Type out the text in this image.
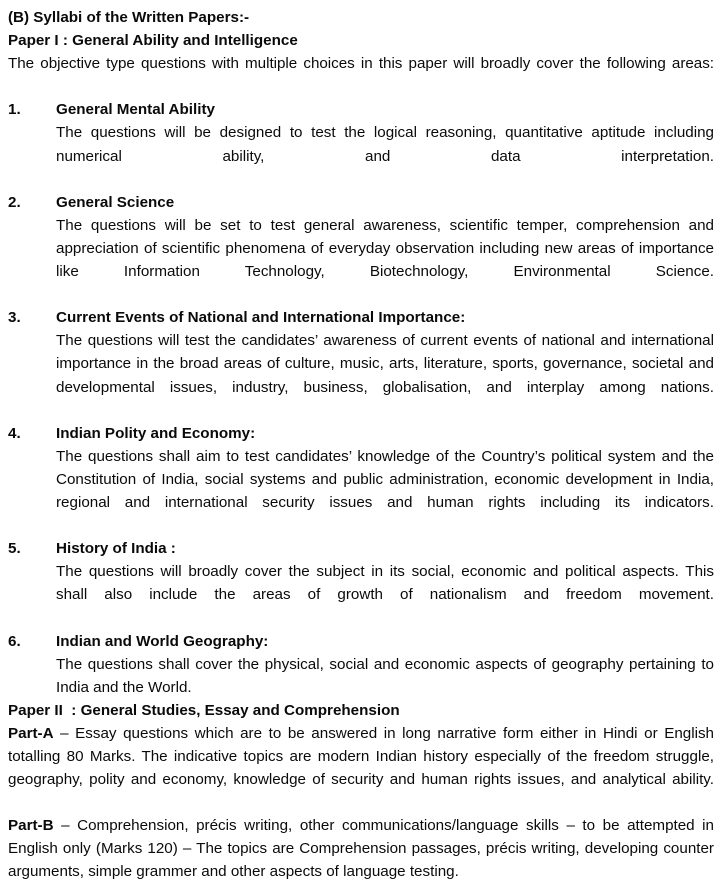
(B) Syllabi of the Written Papers:-
Paper I : General Ability and Intelligence
The objective type questions with multiple choices in this paper will broadly cover the following areas:
1.	General Mental Ability
The questions will be designed to test the logical reasoning, quantitative aptitude including numerical ability, and data interpretation.
2.	General Science
The questions will be set to test general awareness, scientific temper, comprehension and appreciation of scientific phenomena of everyday observation including new areas of importance like Information Technology, Biotechnology, Environmental Science.
3.	Current Events of National and International Importance:
The questions will test the candidates’ awareness of current events of national and international importance in the broad areas of culture, music, arts, literature, sports, governance, societal and developmental issues, industry, business, globalisation, and interplay among nations.
4.	Indian Polity and Economy:
The questions shall aim to test candidates’ knowledge of the Country’s political system and the Constitution of India, social systems and public administration, economic development in India, regional and international security issues and human rights including its indicators.
5.	History of India :
The questions will broadly cover the subject in its social, economic and political aspects. This shall also include the areas of growth of nationalism and freedom movement.
6.	Indian and World Geography:
The questions shall cover the physical, social and economic aspects of geography pertaining to India and the World.
Paper II  : General Studies, Essay and Comprehension
Part-A – Essay questions which are to be answered in long narrative form either in Hindi or English totalling 80 Marks. The indicative topics are modern Indian history especially of the freedom struggle, geography, polity and economy, knowledge of security and human rights issues, and analytical ability.
Part-B – Comprehension, précis writing, other communications/language skills – to be attempted in English only (Marks 120) – The topics are Comprehension passages, précis writing, developing counter arguments, simple grammer and other aspects of language testing.
